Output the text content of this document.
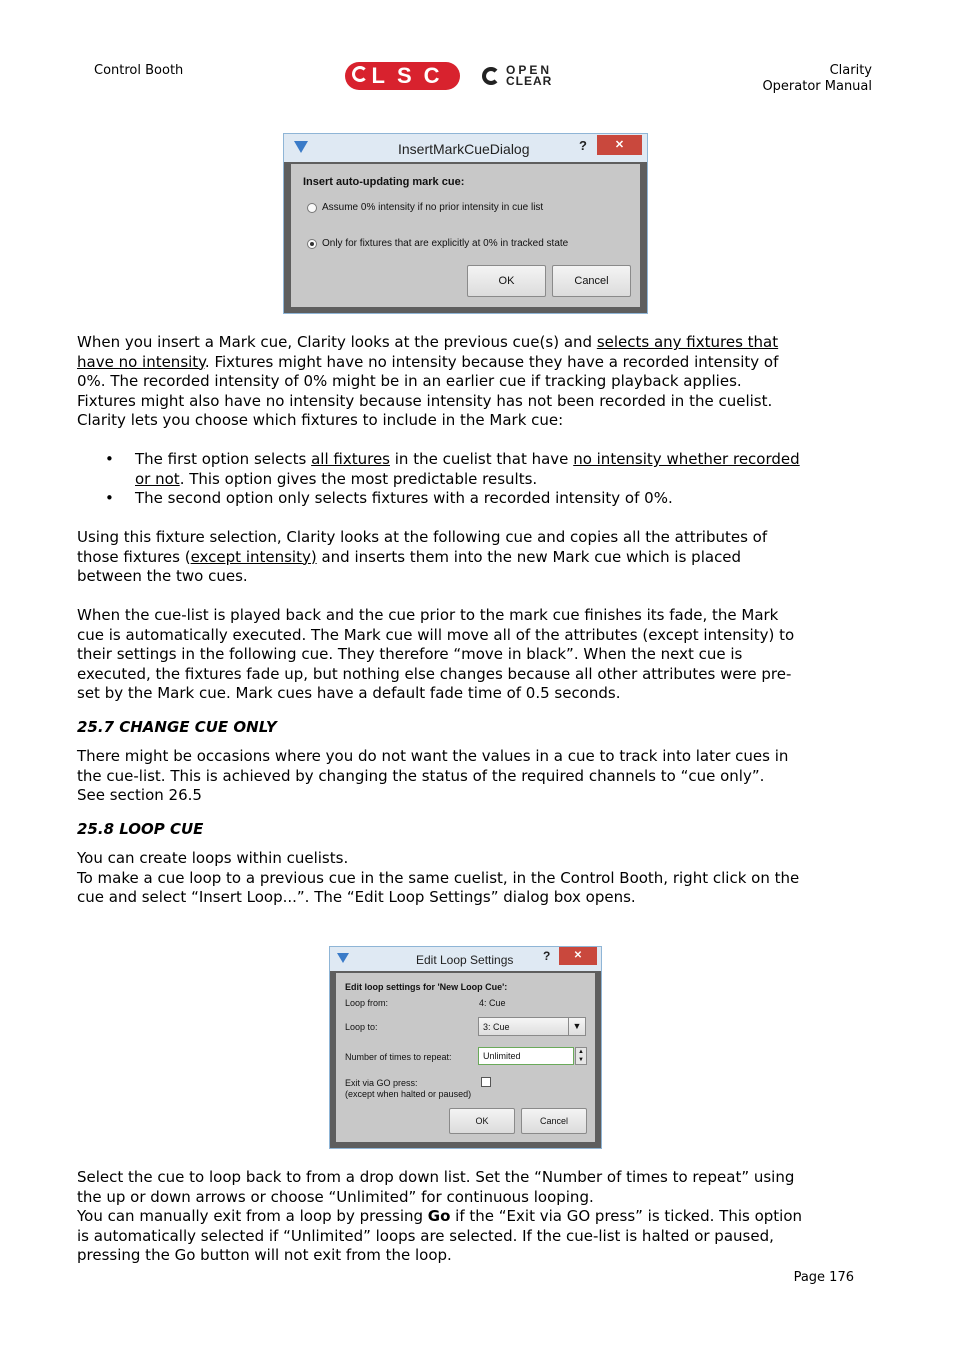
Control Booth	Clarity
Operator Manual
LSC	OPEN
CLEAR
InsertMarkCueDialog	?	✕
Insert auto-updating mark cue:
Assume 0% intensity if no prior intensity in cue list
Only for fixtures that are explicitly at 0% in tracked state
OK	Cancel
When you insert a Mark cue, Clarity looks at the previous cue(s) and selects any fixtures that
have no intensity. Fixtures might have no intensity because they have a recorded intensity of
0%. The recorded intensity of 0% might be in an earlier cue if tracking playback applies.
Fixtures might also have no intensity because intensity has not been recorded in the cuelist.
Clarity lets you choose which fixtures to include in the Mark cue:
• The first option selects all fixtures in the cuelist that have no intensity whether recorded
or not. This option gives the most predictable results.
• The second option only selects fixtures with a recorded intensity of 0%.
Using this fixture selection, Clarity looks at the following cue and copies all the attributes of
those fixtures (except intensity) and inserts them into the new Mark cue which is placed
between the two cues.
When the cue-list is played back and the cue prior to the mark cue finishes its fade, the Mark
cue is automatically executed. The Mark cue will move all of the attributes (except intensity) to
their settings in the following cue. They therefore “move in black”. When the next cue is
executed, the fixtures fade up, but nothing else changes because all other attributes were pre-
set by the Mark cue. Mark cues have a default fade time of 0.5 seconds.
25.7 CHANGE CUE ONLY
There might be occasions where you do not want the values in a cue to track into later cues in
the cue-list. This is achieved by changing the status of the required channels to “cue only”.
See section 26.5
25.8 LOOP CUE
You can create loops within cuelists.
To make a cue loop to a previous cue in the same cuelist, in the Control Booth, right click on the
cue and select “Insert Loop...”. The “Edit Loop Settings” dialog box opens.
Edit Loop Settings ?	✕
Edit loop settings for 'New Loop Cue':
Loop from:	4: Cue
Loop to:	3: Cue	▼
Number of times to repeat:	Unlimited	▲
▼
Exit via GO press:
(except when halted or paused)
OK	Cancel
Select the cue to loop back to from a drop down list. Set the “Number of times to repeat” using
the up or down arrows or choose “Unlimited” for continuous looping.
You can manually exit from a loop by pressing Go if the “Exit via GO press” is ticked. This option
is automatically selected if “Unlimited” loops are selected. If the cue-list is halted or paused,
pressing the Go button will not exit from the loop.
Page 176
